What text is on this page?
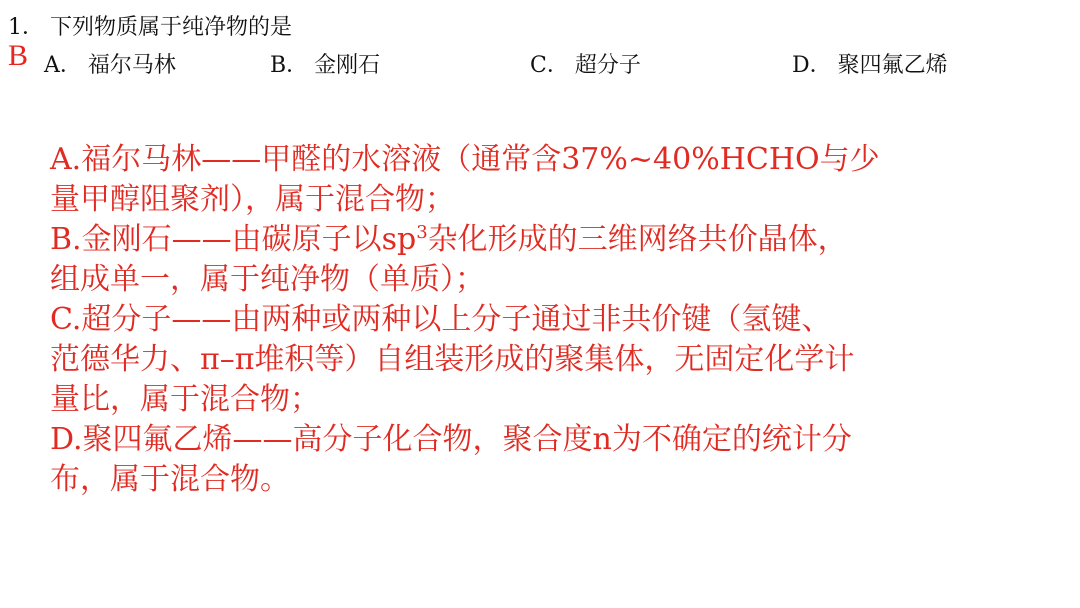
1． 下列物质属于纯净物的是
B A． 福尔马林	B． 金刚石	C． 超分子	D． 聚四氟乙烯
A.福尔马林——甲醛的水溶液（通常含37%~40%HCHO与少
量甲醇阻聚剂），属于混合物；
B.金刚石——由碳原子以$sp^3$杂化形成的三维网络共价晶体，
组成单一，属于纯净物（单质）；
C.超分子——由两种或两种以上分子通过非共价键（氢键、
范德华力、π–π堆积等）自组装形成的聚集体，无固定化学计
量比，属于混合物；
D.聚四氟乙烯——高分子化合物，聚合度n为不确定的统计分
布，属于混合物。
